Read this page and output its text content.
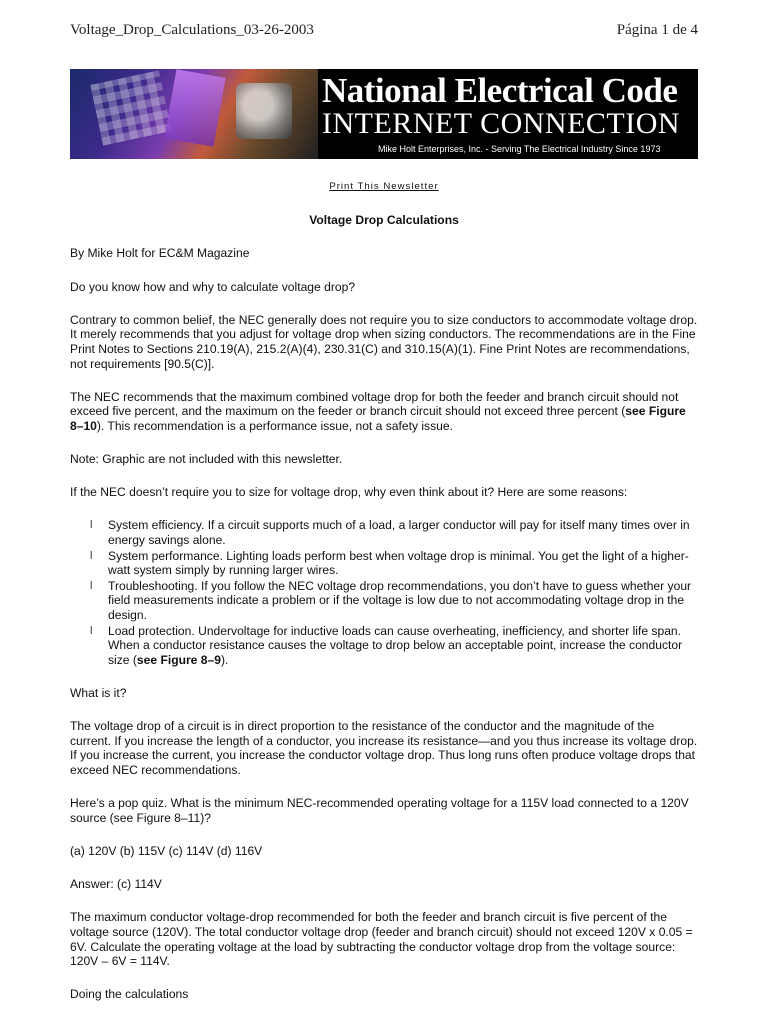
Voltage_Drop_Calculations_03-26-2003	Página 1 de 4
National Electrical Code
INTERNET CONNECTION
Mike Holt Enterprises, Inc. - Serving The Electrical Industry Since 1973

Print This Newsletter

Voltage Drop Calculations

By Mike Holt for EC&M Magazine

Do you know how and why to calculate voltage drop?

Contrary to common belief, the NEC generally does not require you to size conductors to accommodate voltage drop. It merely recommends that you adjust for voltage drop when sizing conductors. The recommendations are in the Fine Print Notes to Sections 210.19(A), 215.2(A)(4), 230.31(C) and 310.15(A)(1). Fine Print Notes are recommendations, not requirements [90.5(C)].

The NEC recommends that the maximum combined voltage drop for both the feeder and branch circuit should not exceed five percent, and the maximum on the feeder or branch circuit should not exceed three percent (see Figure 8–10). This recommendation is a performance issue, not a safety issue.

Note: Graphic are not included with this newsletter.

If the NEC doesn’t require you to size for voltage drop, why even think about it? Here are some reasons:

l System efficiency. If a circuit supports much of a load, a larger conductor will pay for itself many times over in energy savings alone.
l System performance. Lighting loads perform best when voltage drop is minimal. You get the light of a higher-watt system simply by running larger wires.
l Troubleshooting. If you follow the NEC voltage drop recommendations, you don’t have to guess whether your field measurements indicate a problem or if the voltage is low due to not accommodating voltage drop in the design.
l Load protection. Undervoltage for inductive loads can cause overheating, inefficiency, and shorter life span. When a conductor resistance causes the voltage to drop below an acceptable point, increase the conductor size (see Figure 8–9).

What is it?

The voltage drop of a circuit is in direct proportion to the resistance of the conductor and the magnitude of the current. If you increase the length of a conductor, you increase its resistance—and you thus increase its voltage drop. If you increase the current, you increase the conductor voltage drop. Thus long runs often produce voltage drops that exceed NEC recommendations.

Here’s a pop quiz. What is the minimum NEC-recommended operating voltage for a 115V load connected to a 120V source (see Figure 8–11)?

(a) 120V (b) 115V (c) 114V (d) 116V

Answer: (c) 114V

The maximum conductor voltage-drop recommended for both the feeder and branch circuit is five percent of the voltage source (120V). The total conductor voltage drop (feeder and branch circuit) should not exceed 120V x 0.05 = 6V. Calculate the operating voltage at the load by subtracting the conductor voltage drop from the voltage source: 120V – 6V = 114V.

Doing the calculations
